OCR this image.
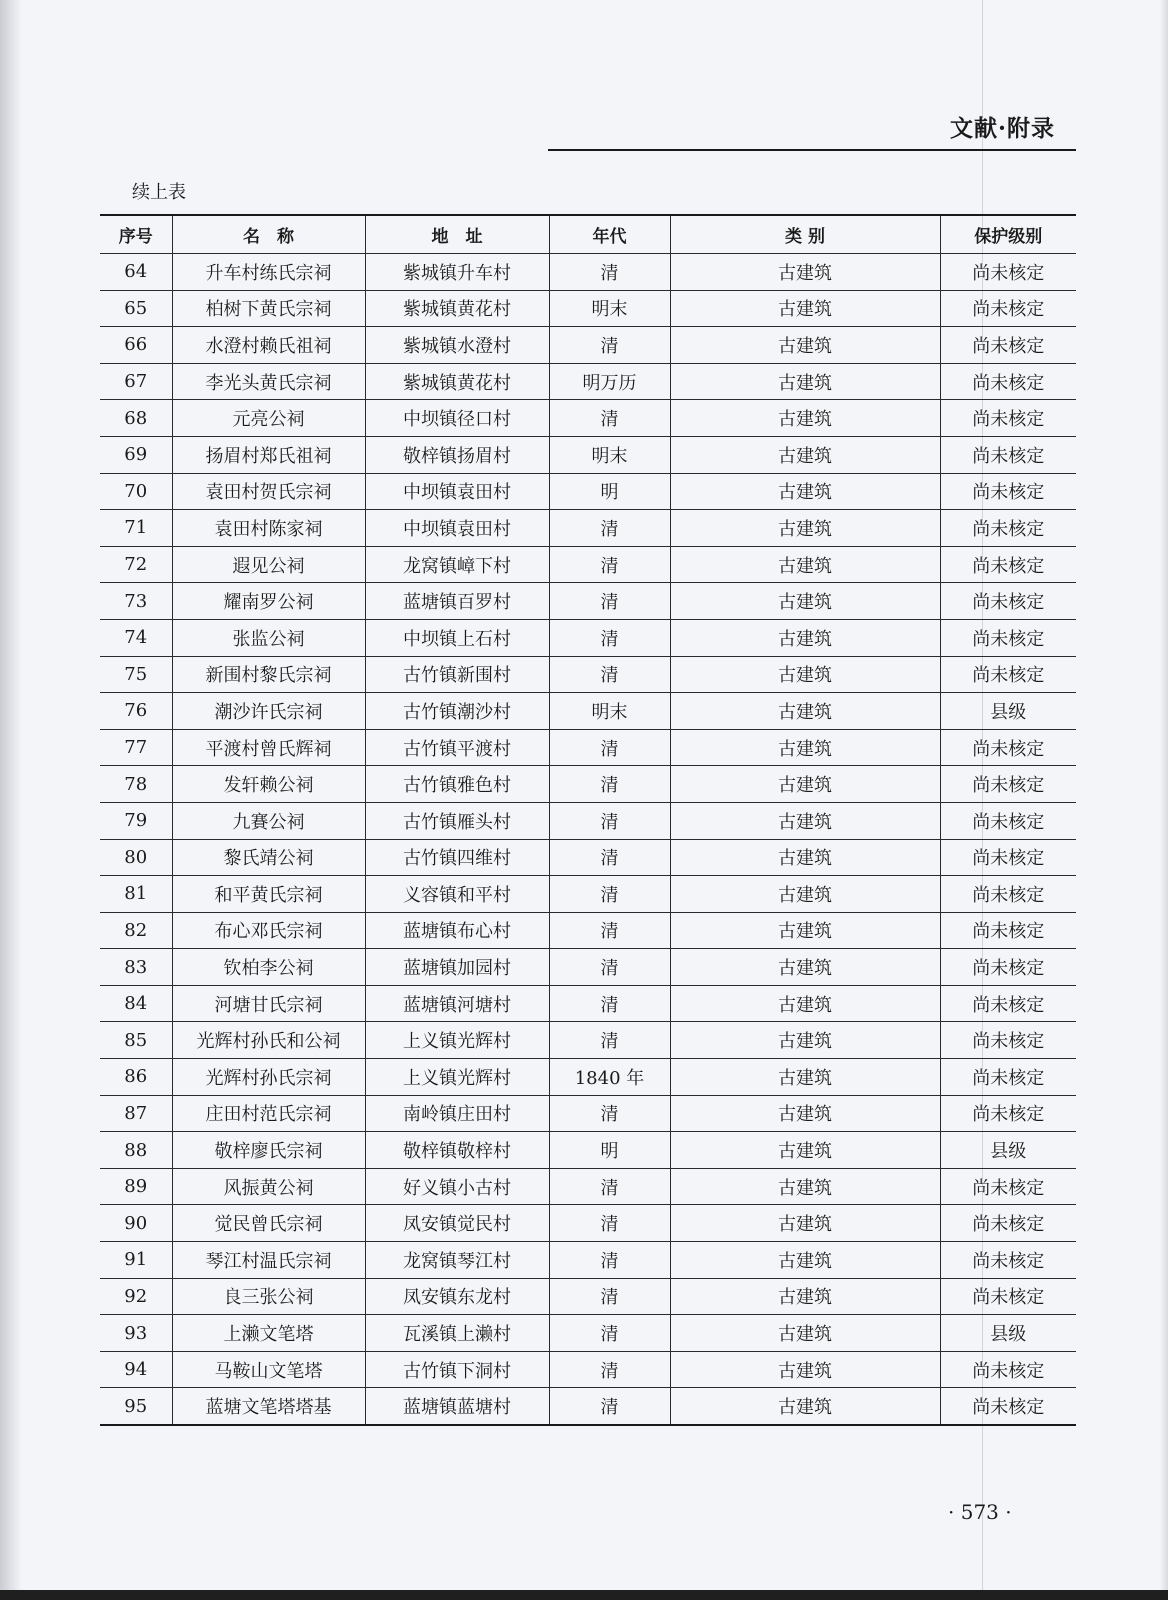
文献·附录
续上表
序号	名　称	地　址	年代	类 别	保护级别
64	升车村练氏宗祠	紫城镇升车村	清	古建筑	尚未核定
65	柏树下黄氏宗祠	紫城镇黄花村	明末	古建筑	尚未核定
66	水澄村赖氏祖祠	紫城镇水澄村	清	古建筑	尚未核定
67	李光头黄氏宗祠	紫城镇黄花村	明万历	古建筑	尚未核定
68	元亮公祠	中坝镇径口村	清	古建筑	尚未核定
69	扬眉村郑氏祖祠	敬梓镇扬眉村	明末	古建筑	尚未核定
70	袁田村贺氏宗祠	中坝镇袁田村	明	古建筑	尚未核定
71	袁田村陈家祠	中坝镇袁田村	清	古建筑	尚未核定
72	遐见公祠	龙窝镇嶂下村	清	古建筑	尚未核定
73	耀南罗公祠	蓝塘镇百罗村	清	古建筑	尚未核定
74	张监公祠	中坝镇上石村	清	古建筑	尚未核定
75	新围村黎氏宗祠	古竹镇新围村	清	古建筑	尚未核定
76	潮沙许氏宗祠	古竹镇潮沙村	明末	古建筑	县级
77	平渡村曾氏辉祠	古竹镇平渡村	清	古建筑	尚未核定
78	发轩赖公祠	古竹镇雅色村	清	古建筑	尚未核定
79	九賽公祠	古竹镇雁头村	清	古建筑	尚未核定
80	黎氏靖公祠	古竹镇四维村	清	古建筑	尚未核定
81	和平黄氏宗祠	义容镇和平村	清	古建筑	尚未核定
82	布心邓氏宗祠	蓝塘镇布心村	清	古建筑	尚未核定
83	钦柏李公祠	蓝塘镇加园村	清	古建筑	尚未核定
84	河塘甘氏宗祠	蓝塘镇河塘村	清	古建筑	尚未核定
85	光辉村孙氏和公祠	上义镇光辉村	清	古建筑	尚未核定
86	光辉村孙氏宗祠	上义镇光辉村	1840 年	古建筑	尚未核定
87	庄田村范氏宗祠	南岭镇庄田村	清	古建筑	尚未核定
88	敬梓廖氏宗祠	敬梓镇敬梓村	明	古建筑	县级
89	风振黄公祠	好义镇小古村	清	古建筑	尚未核定
90	觉民曾氏宗祠	凤安镇觉民村	清	古建筑	尚未核定
91	琴江村温氏宗祠	龙窝镇琴江村	清	古建筑	尚未核定
92	良三张公祠	凤安镇东龙村	清	古建筑	尚未核定
93	上濑文笔塔	瓦溪镇上濑村	清	古建筑	县级
94	马鞍山文笔塔	古竹镇下洞村	清	古建筑	尚未核定
95	蓝塘文笔塔塔基	蓝塘镇蓝塘村	清	古建筑	尚未核定
· 573 ·
